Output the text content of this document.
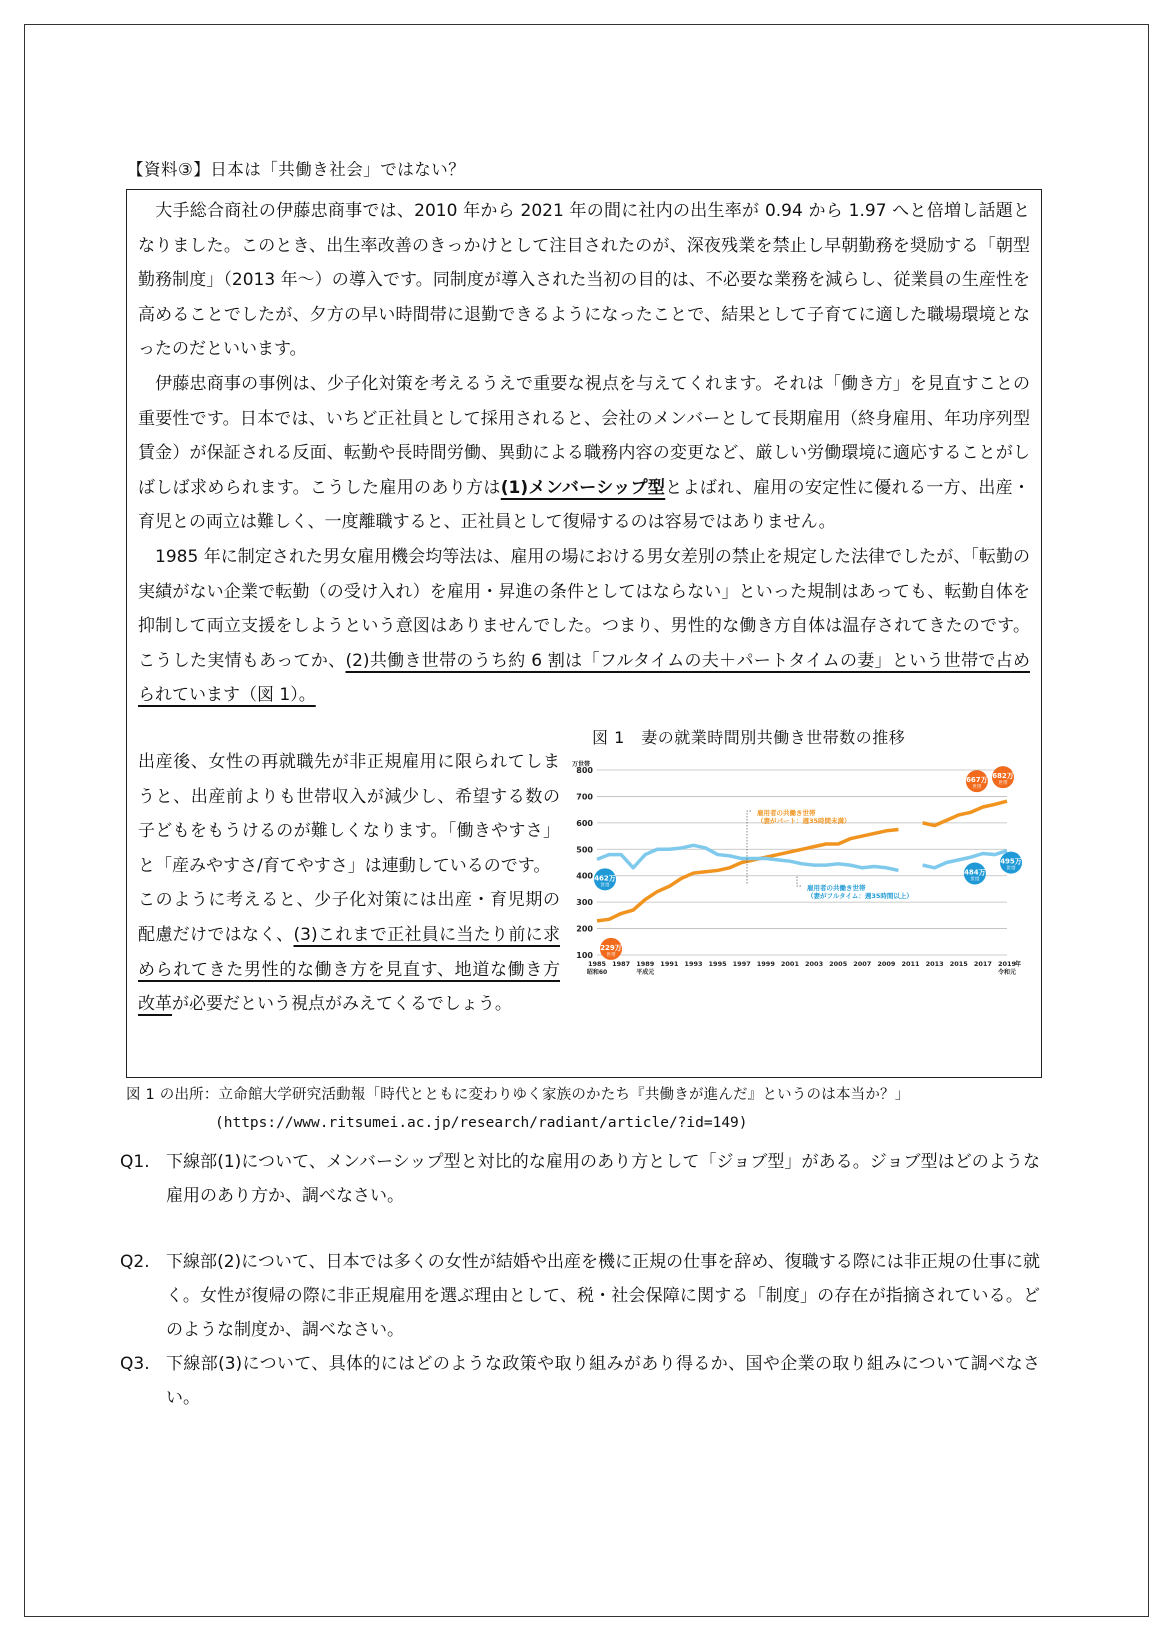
【資料③】日本は「共働き社会」ではない？

大手総合商社の伊藤忠商事では、2010 年から 2021 年の間に社内の出生率が 0.94 から 1.97 へと倍増し話題となりました。このとき、出生率改善のきっかけとして注目されたのが、深夜残業を禁止し早朝勤務を奨励する「朝型勤務制度」（2013 年～）の導入です。同制度が導入された当初の目的は、不必要な業務を減らし、従業員の生産性を高めることでしたが、夕方の早い時間帯に退勤できるようになったことで、結果として子育てに適した職場環境となったのだといいます。

伊藤忠商事の事例は、少子化対策を考えるうえで重要な視点を与えてくれます。それは「働き方」を見直すことの重要性です。日本では、いちど正社員として採用されると、会社のメンバーとして長期雇用（終身雇用、年功序列型賃金）が保証される反面、転勤や長時間労働、異動による職務内容の変更など、厳しい労働環境に適応することがしばしば求められます。こうした雇用のあり方は(1)メンバーシップ型とよばれ、雇用の安定性に優れる一方、出産・育児との両立は難しく、一度離職すると、正社員として復帰するのは容易ではありません。

1985 年に制定された男女雇用機会均等法は、雇用の場における男女差別の禁止を規定した法律でしたが、「転勤の実績がない企業で転勤（の受け入れ）を雇用・昇進の条件としてはならない」といった規制はあっても、転勤自体を抑制して両立支援をしようという意図はありませんでした。つまり、男性的な働き方自体は温存されてきたのです。こうした実情もあってか、(2)共働き世帯のうち約 6 割は「フルタイムの夫＋パートタイムの妻」という世帯で占められています（図 1）。

図 1　妻の就業時間別共働き世帯数の推移

出産後、女性の再就職先が非正規雇用に限られてしまうと、出産前よりも世帯収入が減少し、希望する数の子どもをもうけるのが難しくなります。「働きやすさ」と「産みやすさ/育てやすさ」は連動しているのです。
このように考えると、少子化対策には出産・育児期の配慮だけではなく、(3)これまで正社員に当たり前に求められてきた男性的な働き方を見直す、地道な働き方改革が必要だという視点がみえてくるでしょう。

100
200
300
400
500
600
700
800
万世帯
1985
昭和60
1987 1989
平成元
1991 1993 1995 1997 1999 2001 2003 2005 2007 2009 2011 2013 2015 2017 2019
令和元
年
雇用者の共働き世帯
（妻がパート：週35時間未満）
雇用者の共働き世帯
（妻がフルタイム：週35時間以上）
462万
世帯
229万
世帯
667万
世帯
682万
世帯
484万
世帯
495万
世帯
図 1 の出所：立命館大学研究活動報「時代とともに変わりゆく家族のかたち『共働きが進んだ』というのは本当か？」
(https://www.ritsumei.ac.jp/research/radiant/article/?id=149)
Q1. 下線部(1)について、メンバーシップ型と対比的な雇用のあり方として「ジョブ型」がある。ジョブ型はどのような雇用のあり方か、調べなさい。
Q2. 下線部(2)について、日本では多くの女性が結婚や出産を機に正規の仕事を辞め、復職する際には非正規の仕事に就く。女性が復帰の際に非正規雇用を選ぶ理由として、税・社会保障に関する「制度」の存在が指摘されている。どのような制度か、調べなさい。
Q3. 下線部(3)について、具体的にはどのような政策や取り組みがあり得るか、国や企業の取り組みについて調べなさい。
